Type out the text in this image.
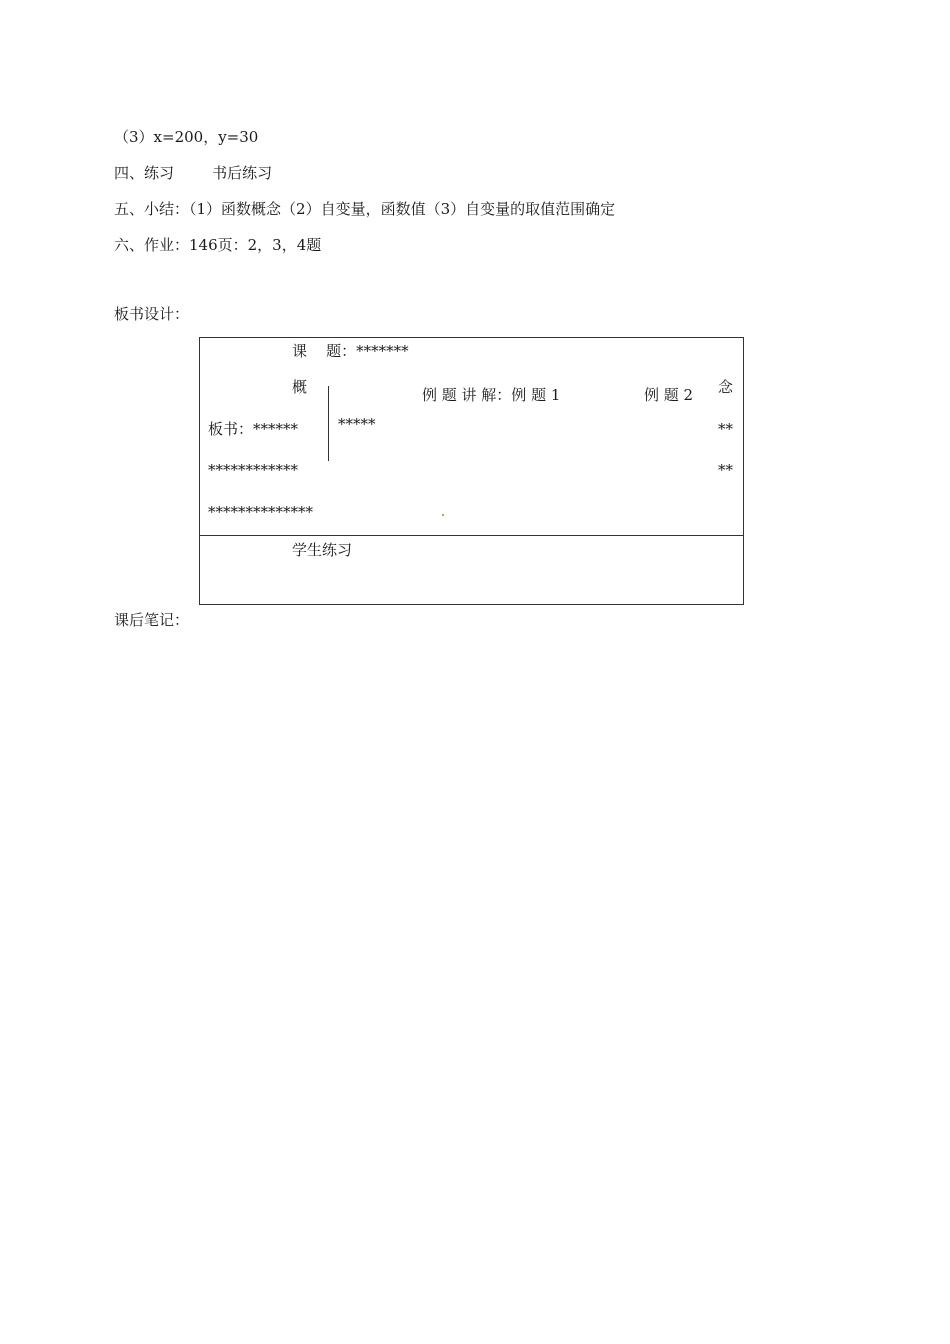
（3）x=200，y=30
四、练习        书后练习
五、小结：（1）函数概念（2）自变量，函数值（3）自变量的取值范围确定
六、作业：146页：2，3，4题
板书设计：
课    题：*******
概	念
例 题 讲 解：例 题 1	例 题 2
板书：******	*****	**
************	**
**************
学生练习
课后笔记：
